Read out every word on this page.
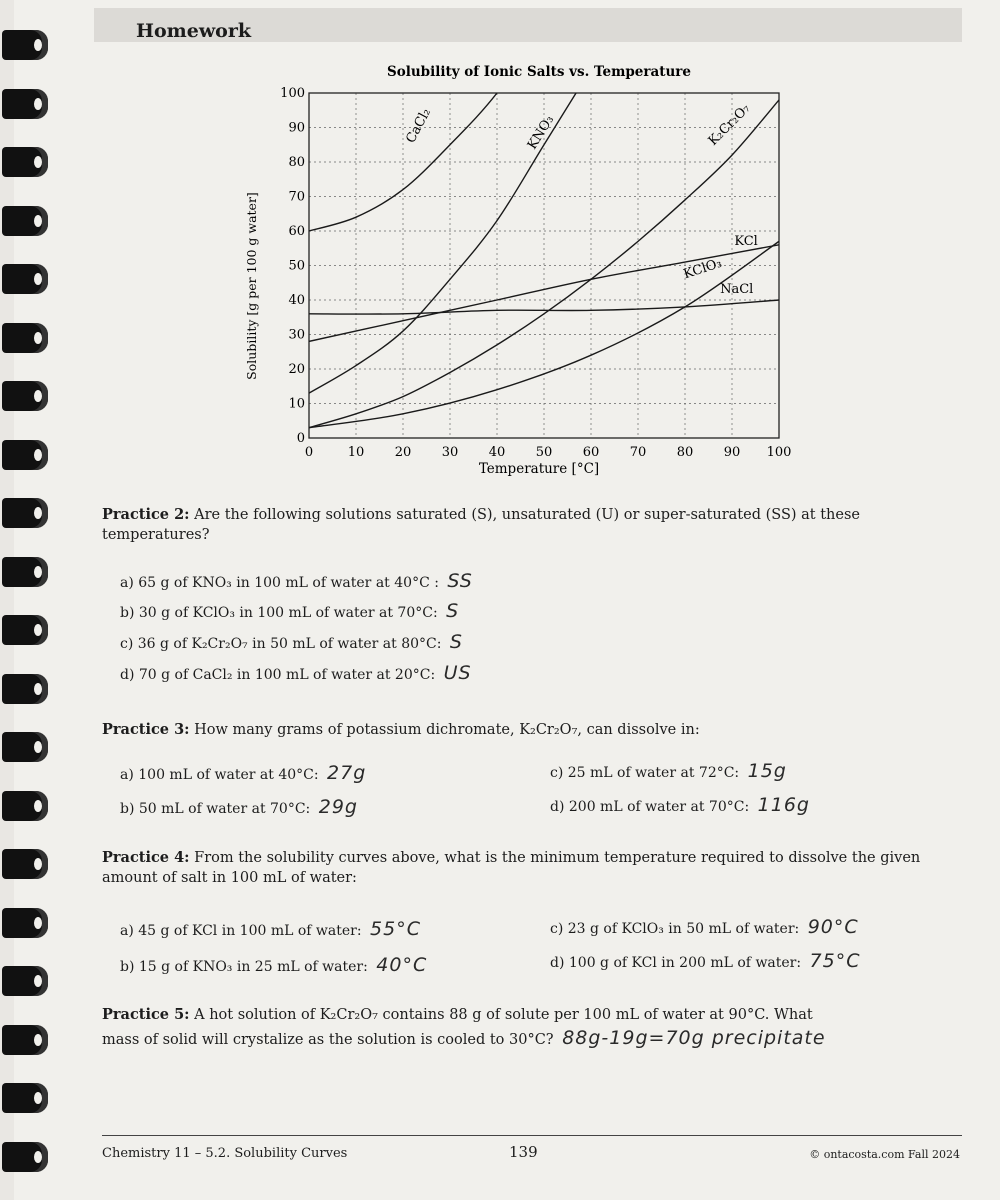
Homework
Solubility of Ionic Salts vs. Temperature
Temperature [°C]
Solubility [g per 100 g water]
0	10 20 30 40 50 60 70 80 90 100
0
10
20
30
40
50
60
70
80
90
100
CaCl₂	KNO₃	K₂Cr₂O₇
KCl
KClO₃
NaCl
Practice 2: Are the following solutions saturated (S), unsaturated (U) or super-saturated (SS) at these temperatures?
a) 65 g of KNO₃ in 100 mL of water at 40°C : SS
b) 30 g of KClO₃ in 100 mL of water at 70°C: S
c) 36 g of K₂Cr₂O₇ in 50 mL of water at 80°C: S
d) 70 g of CaCl₂ in 100 mL of water at 20°C: US
Practice 3: How many grams of potassium dichromate, K₂Cr₂O₇, can dissolve in:
a) 100 mL of water at 40°C: 27g
b) 50 mL of water at 70°C: 29g
c) 25 mL of water at 72°C: 15g
d) 200 mL of water at 70°C: 116g
Practice 4: From the solubility curves above, what is the minimum temperature required to dissolve the given amount of salt in 100 mL of water:
a) 45 g of KCl in 100 mL of water: 55°C
b) 15 g of KNO₃ in 25 mL of water: 40°C
c) 23 g of KClO₃ in 50 mL of water: 90°C
d) 100 g of KCl in 200 mL of water: 75°C
Practice 5: A hot solution of K₂Cr₂O₇ contains 88 g of solute per 100 mL of water at 90°C. What
mass of solid will crystalize as the solution is cooled to 30°C? 88g-19g=70g precipitate
Chemistry 11 – 5.2. Solubility Curves	139	© ontacosta.com Fall 2024
